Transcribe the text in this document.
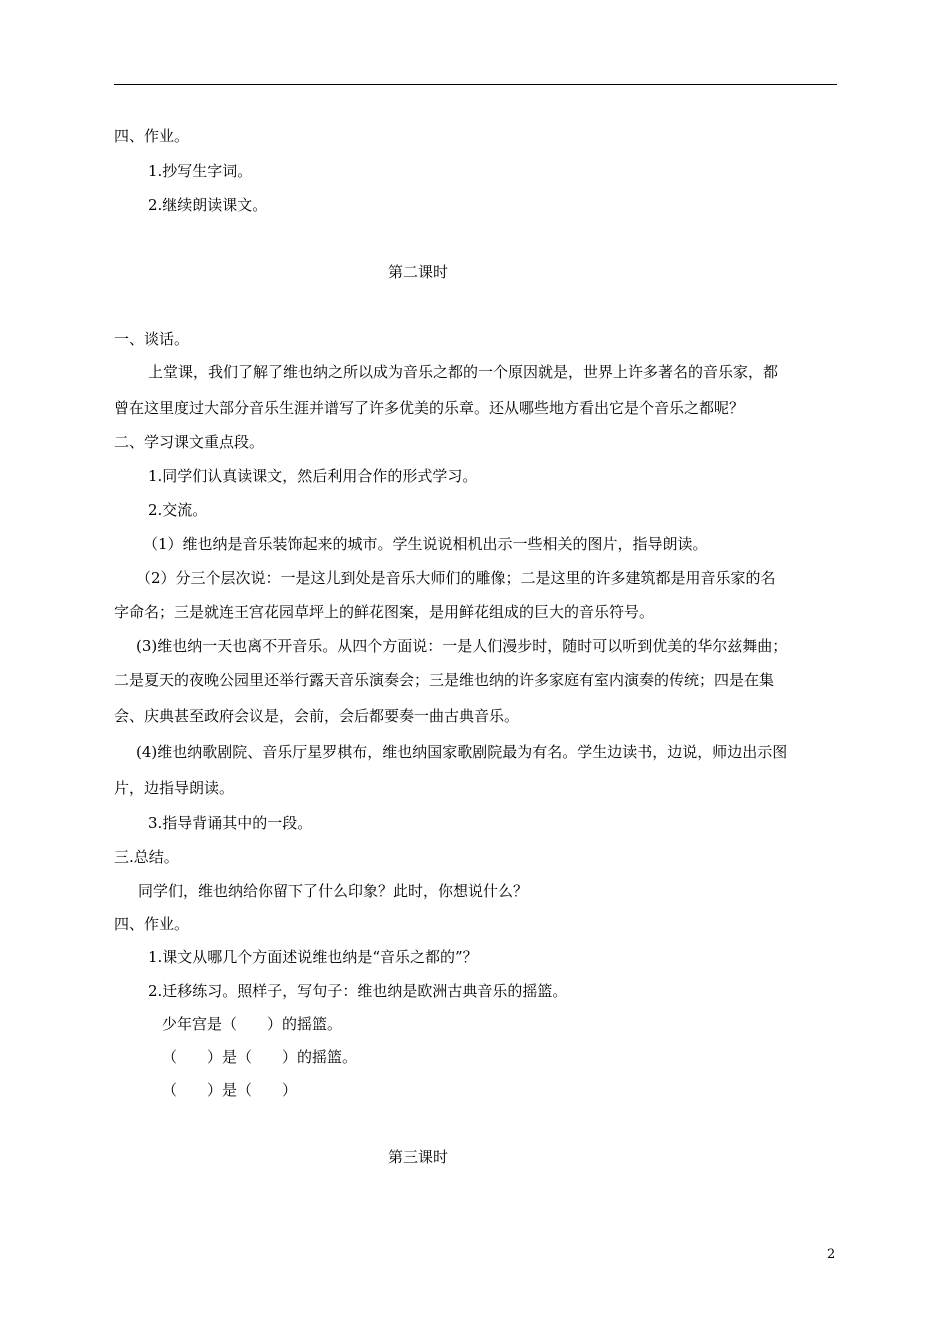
四、作业。
1.抄写生字词。
2.继续朗读课文。
第二课时
一、谈话。
上堂课，我们了解了维也纳之所以成为音乐之都的一个原因就是，世界上许多著名的音乐家，都
曾在这里度过大部分音乐生涯并谱写了许多优美的乐章。还从哪些地方看出它是个音乐之都呢？
二、学习课文重点段。
1.同学们认真读课文，然后利用合作的形式学习。
2.交流。
（1）维也纳是音乐装饰起来的城市。学生说说相机出示一些相关的图片，指导朗读。
（2）分三个层次说：一是这儿到处是音乐大师们的雕像；二是这里的许多建筑都是用音乐家的名
字命名；三是就连王宫花园草坪上的鲜花图案，是用鲜花组成的巨大的音乐符号。
(3)维也纳一天也离不开音乐。从四个方面说：一是人们漫步时，随时可以听到优美的华尔兹舞曲；
二是夏天的夜晚公园里还举行露天音乐演奏会；三是维也纳的许多家庭有室内演奏的传统；四是在集
会、庆典甚至政府会议是，会前，会后都要奏一曲古典音乐。
(4)维也纳歌剧院、音乐厅星罗棋布，维也纳国家歌剧院最为有名。学生边读书，边说，师边出示图
片，边指导朗读。
3.指导背诵其中的一段。
三.总结。
同学们，维也纳给你留下了什么印象？此时，你想说什么？
四、作业。
1.课文从哪几个方面述说维也纳是“音乐之都的”？
2.迁移练习。照样子，写句子：维也纳是欧洲古典音乐的摇篮。
少年宫是（　　）的摇篮。
（　　）是（　　）的摇篮。
（　　）是（　　）
第三课时
2
